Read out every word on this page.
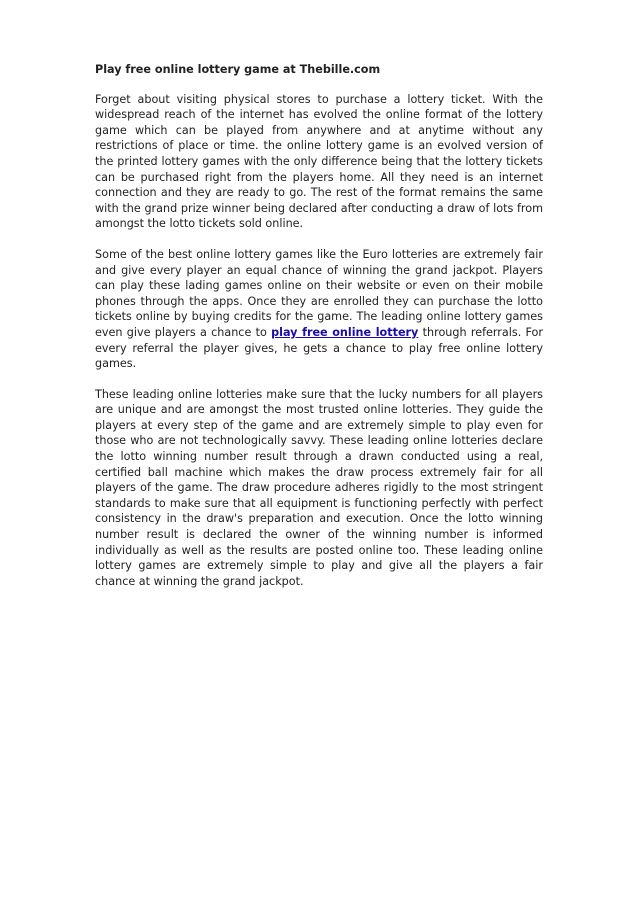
Play free online lottery game at Thebille.com

Forget about visiting physical stores to purchase a lottery ticket. With the widespread reach of the internet has evolved the online format of the lottery game which can be played from anywhere and at anytime without any restrictions of place or time. the online lottery game is an evolved version of the printed lottery games with the only difference being that the lottery tickets can be purchased right from the players home. All they need is an internet connection and they are ready to go. The rest of the format remains the same with the grand prize winner being declared after conducting a draw of lots from amongst the lotto tickets sold online.

Some of the best online lottery games like the Euro lotteries are extremely fair and give every player an equal chance of winning the grand jackpot. Players can play these lading games online on their website or even on their mobile phones through the apps. Once they are enrolled they can purchase the lotto tickets online by buying credits for the game. The leading online lottery games even give players a chance to play free online lottery through referrals. For every referral the player gives, he gets a chance to play free online lottery games.

These leading online lotteries make sure that the lucky numbers for all players are unique and are amongst the most trusted online lotteries. They guide the players at every step of the game and are extremely simple to play even for those who are not technologically savvy. These leading online lotteries declare the lotto winning number result through a drawn conducted using a real, certified ball machine which makes the draw process extremely fair for all players of the game. The draw procedure adheres rigidly to the most stringent standards to make sure that all equipment is functioning perfectly with perfect consistency in the draw's preparation and execution. Once the lotto winning number result is declared the owner of the winning number is informed individually as well as the results are posted online too. These leading online lottery games are extremely simple to play and give all the players a fair chance at winning the grand jackpot.
